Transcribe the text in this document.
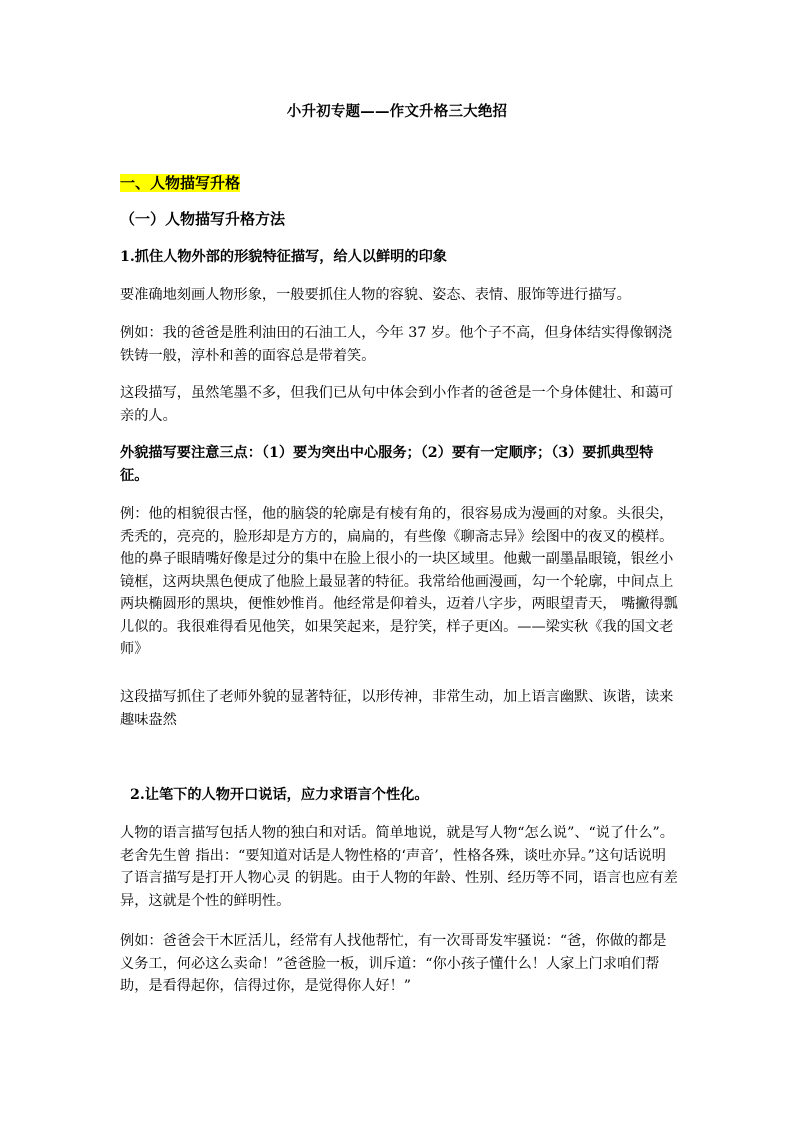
小升初专题——作文升格三大绝招
一、人物描写升格
（一）人物描写升格方法
1.抓住人物外部的形貌特征描写，给人以鲜明的印象
要准确地刻画人物形象，一般要抓住人物的容貌、姿态、表情、服饰等进行描写。
例如：我的爸爸是胜利油田的石油工人，今年 37 岁。他个子不高，但身体结实得像钢浇铁铸一般，淳朴和善的面容总是带着笑。
这段描写，虽然笔墨不多，但我们已从句中体会到小作者的爸爸是一个身体健壮、和蔼可亲的人。
外貌描写要注意三点：（1）要为突出中心服务；（2）要有一定顺序；（3）要抓典型特征。
例：他的相貌很古怪，他的脑袋的轮廓是有棱有角的，很容易成为漫画的对象。头很尖，秃秃的，亮亮的，脸形却是方方的，扁扁的，有些像《聊斋志异》绘图中的夜叉的模样。他的鼻子眼睛嘴好像是过分的集中在脸上很小的一块区域里。他戴一副墨晶眼镜，银丝小镜框，这两块黑色便成了他脸上最显著的特征。我常给他画漫画，勾一个轮廓，中间点上两块椭圆形的黑块，便惟妙惟肖。他经常是仰着头，迈着八字步，两眼望青天， 嘴撇得瓢儿似的。我很难得看见他笑，如果笑起来，是狞笑，样子更凶。——梁实秋《我的国文老师》
这段描写抓住了老师外貌的显著特征，以形传神，非常生动，加上语言幽默、诙谐，读来趣味盎然
2.让笔下的人物开口说话，应力求语言个性化。
人物的语言描写包括人物的独白和对话。简单地说，就是写人物“怎么说”、“说了什么”。老舍先生曾 指出：“要知道对话是人物性格的‘声音’，性格各殊，谈吐亦异。”这句话说明了语言描写是打开人物心灵 的钥匙。由于人物的年龄、性别、经历等不同，语言也应有差异，这就是个性的鲜明性。
例如：爸爸会干木匠活儿，经常有人找他帮忙，有一次哥哥发牢骚说：“爸，你做的都是义务工，何必这么卖命！”爸爸脸一板，训斥道：“你小孩子懂什么！人家上门求咱们帮助，是看得起你，信得过你，是觉得你人好！”
